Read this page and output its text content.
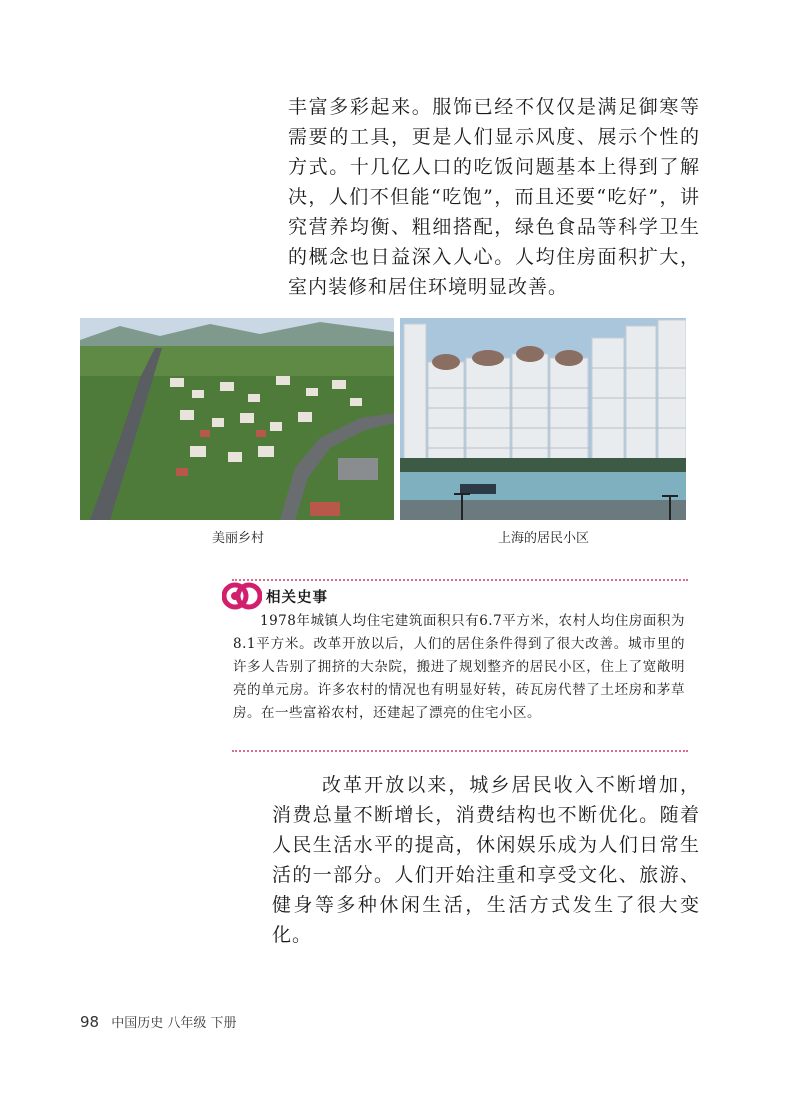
丰富多彩起来。服饰已经不仅仅是满足御寒等需要的工具，更是人们显示风度、展示个性的方式。十几亿人口的吃饭问题基本上得到了解决，人们不但能“吃饱”，而且还要“吃好”，讲究营养均衡、粗细搭配，绿色食品等科学卫生的概念也日益深入人心。人均住房面积扩大，室内装修和居住环境明显改善。

美丽乡村	上海的居民小区
相关史事

1978年城镇人均住宅建筑面积只有6.7平方米，农村人均住房面积为8.1平方米。改革开放以后，人们的居住条件得到了很大改善。城市里的许多人告别了拥挤的大杂院，搬进了规划整齐的居民小区，住上了宽敞明亮的单元房。许多农村的情况也有明显好转，砖瓦房代替了土坯房和茅草房。在一些富裕农村，还建起了漂亮的住宅小区。

改革开放以来，城乡居民收入不断增加，消费总量不断增长，消费结构也不断优化。随着人民生活水平的提高，休闲娱乐成为人们日常生活的一部分。人们开始注重和享受文化、旅游、健身等多种休闲生活，生活方式发生了很大变化。

98 中国历史 八年级 下册
